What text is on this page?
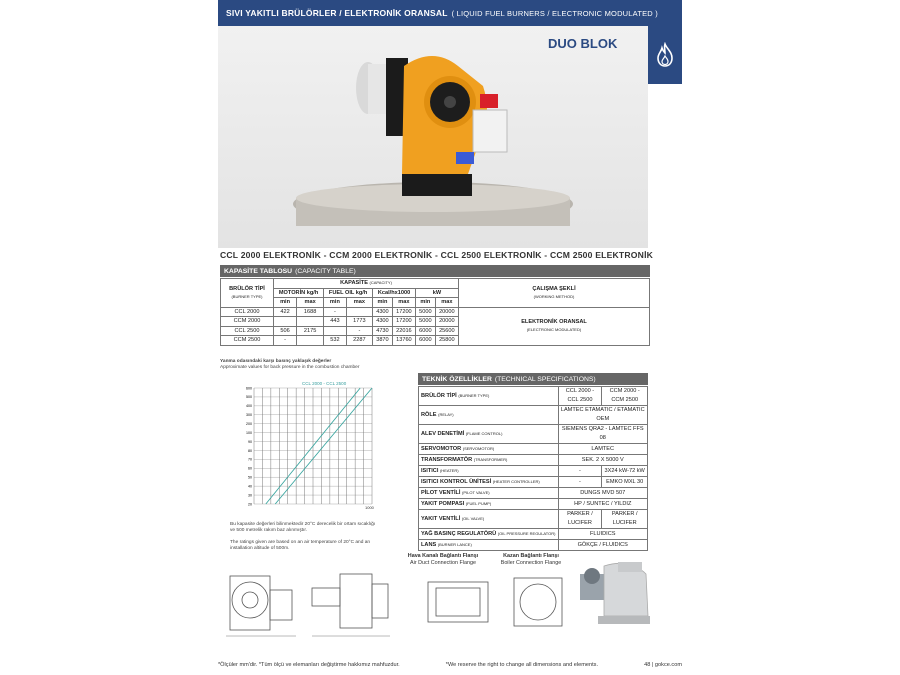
SIVI YAKITLI BRÜLÖRLER / ELEKTRONİK ORANSAL ( LIQUID FUEL BURNERS / ELECTRONIC MODULATED )
DUO BLOK
CCL 2000 ELEKTRONİK - CCM 2000 ELEKTRONİK - CCL 2500 ELEKTRONİK - CCM 2500 ELEKTRONİK
KAPASİTE TABLOSU (CAPACITY TABLE)
BRÜLÖR TİPİ
(BURNER TYPE)	KAPASİTE (CAPACITY)								ÇALIŞMA ŞEKLİ
(WORKING METHOD)
	MOTORİN kg/h		FUEL OIL kg/h		Kcal/hx1000		kW		
	min	max	min	max	min	max	min	max	
CCL 2000	422	1688	-		4300	17200	5000	20000	ELEKTRONİK ORANSAL
(ELECTRONIC MODULATED)
CCM 2000			443	1773	4300	17200	5000	20000	
CCL 2500	506	2175		-	4730	22016	6000	25600	
CCM 2500	-		532	2287	3870	13760	6000	25800	
Yanma odasındaki karşı basınç yaklaşık değerler
Approximate values for back pressure in the combustion chamber
CCL 2000 - CCL 2500
20
30
40
50
60
70
80
90
100
200
300
400
500
600
1000
Bu kapasite değerleri bilinmektedir 20°C derecelik bir ortam sıcaklığı ve 500 metrelik rakım baz alınmıştır.

The ratings given are based on an air temperature of 20°C and an installation altitude of 500m.
TEKNİK ÖZELLİKLER (TECHNICAL SPECIFICATIONS)
BRÜLÖR TİPİ (BURNER TYPE)	CCL 2000 - CCL 2500	CCM 2000 - CCM 2500
RÖLE (RELAY)	LAMTEC ETAMATIC / ETAMATIC OEM	
ALEV DENETİMİ (FLAME CONTROL)	SIEMENS QRA2 - LAMTEC FFS 08	
SERVOMOTOR (SERVOMOTOR)	LAMTEC	
TRANSFORMATÖR (TRANSFORMER)	SEK. 2 X 5000 V	
ISITICI (HEATER)	-	3X24 kW-72 kW
ISITICI KONTROL ÜNİTESİ (HEATER CONTROLLER)	-	EMKO MXL 30
PİLOT VENTİLİ (PILOT VALVE)	DUNGS MVD 507	
YAKIT POMPASI (FUEL PUMP)	HP / SUNTEC / YILDIZ	
YAKIT VENTİLİ (OIL VALVE)	PARKER / LUCIFER	PARKER / LUCIFER
YAĞ BASINÇ REGULATÖRÜ (OIL PRESSURE REGULATOR)	FLUIDICS	
LANS (BURNER LANCE)	GÖKÇE / FLUIDICS	
Hava Kanalı Bağlantı Flanşı
Air Duct Connection Flange
Kazan Bağlantı Flanşı
Boiler Connection Flange
*Ölçüler mm'dir. *Tüm ölçü ve elemanları değiştirme hakkımız mahfuzdur.	*We reserve the right to change all dimensions and elements.	48 | gokce.com
